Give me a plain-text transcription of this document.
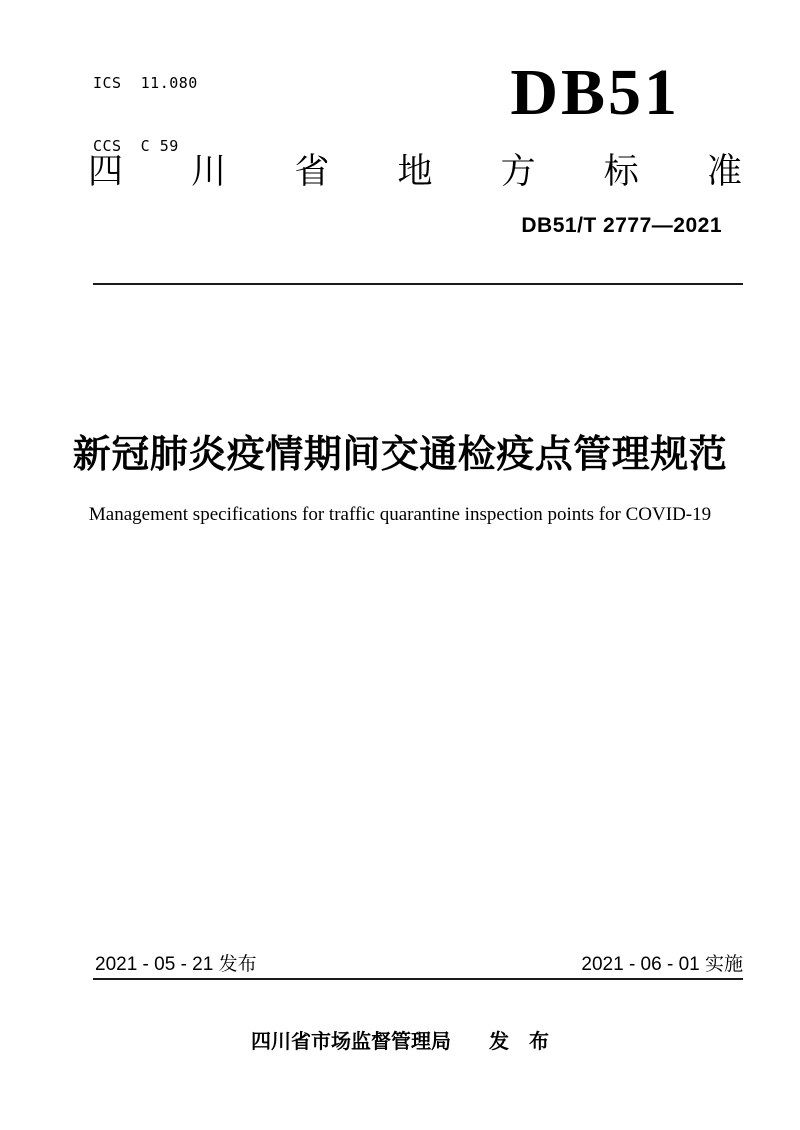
ICS  11.080

CCS  C 59

DB51
四 川 省 地 方 标 准
DB51/T 2777—2021
新冠肺炎疫情期间交通检疫点管理规范
Management specifications for traffic quarantine inspection points for COVID-19
2021 - 05 - 21 发布	2021 - 06 - 01 实施
四川省市场监督管理局 发　布
